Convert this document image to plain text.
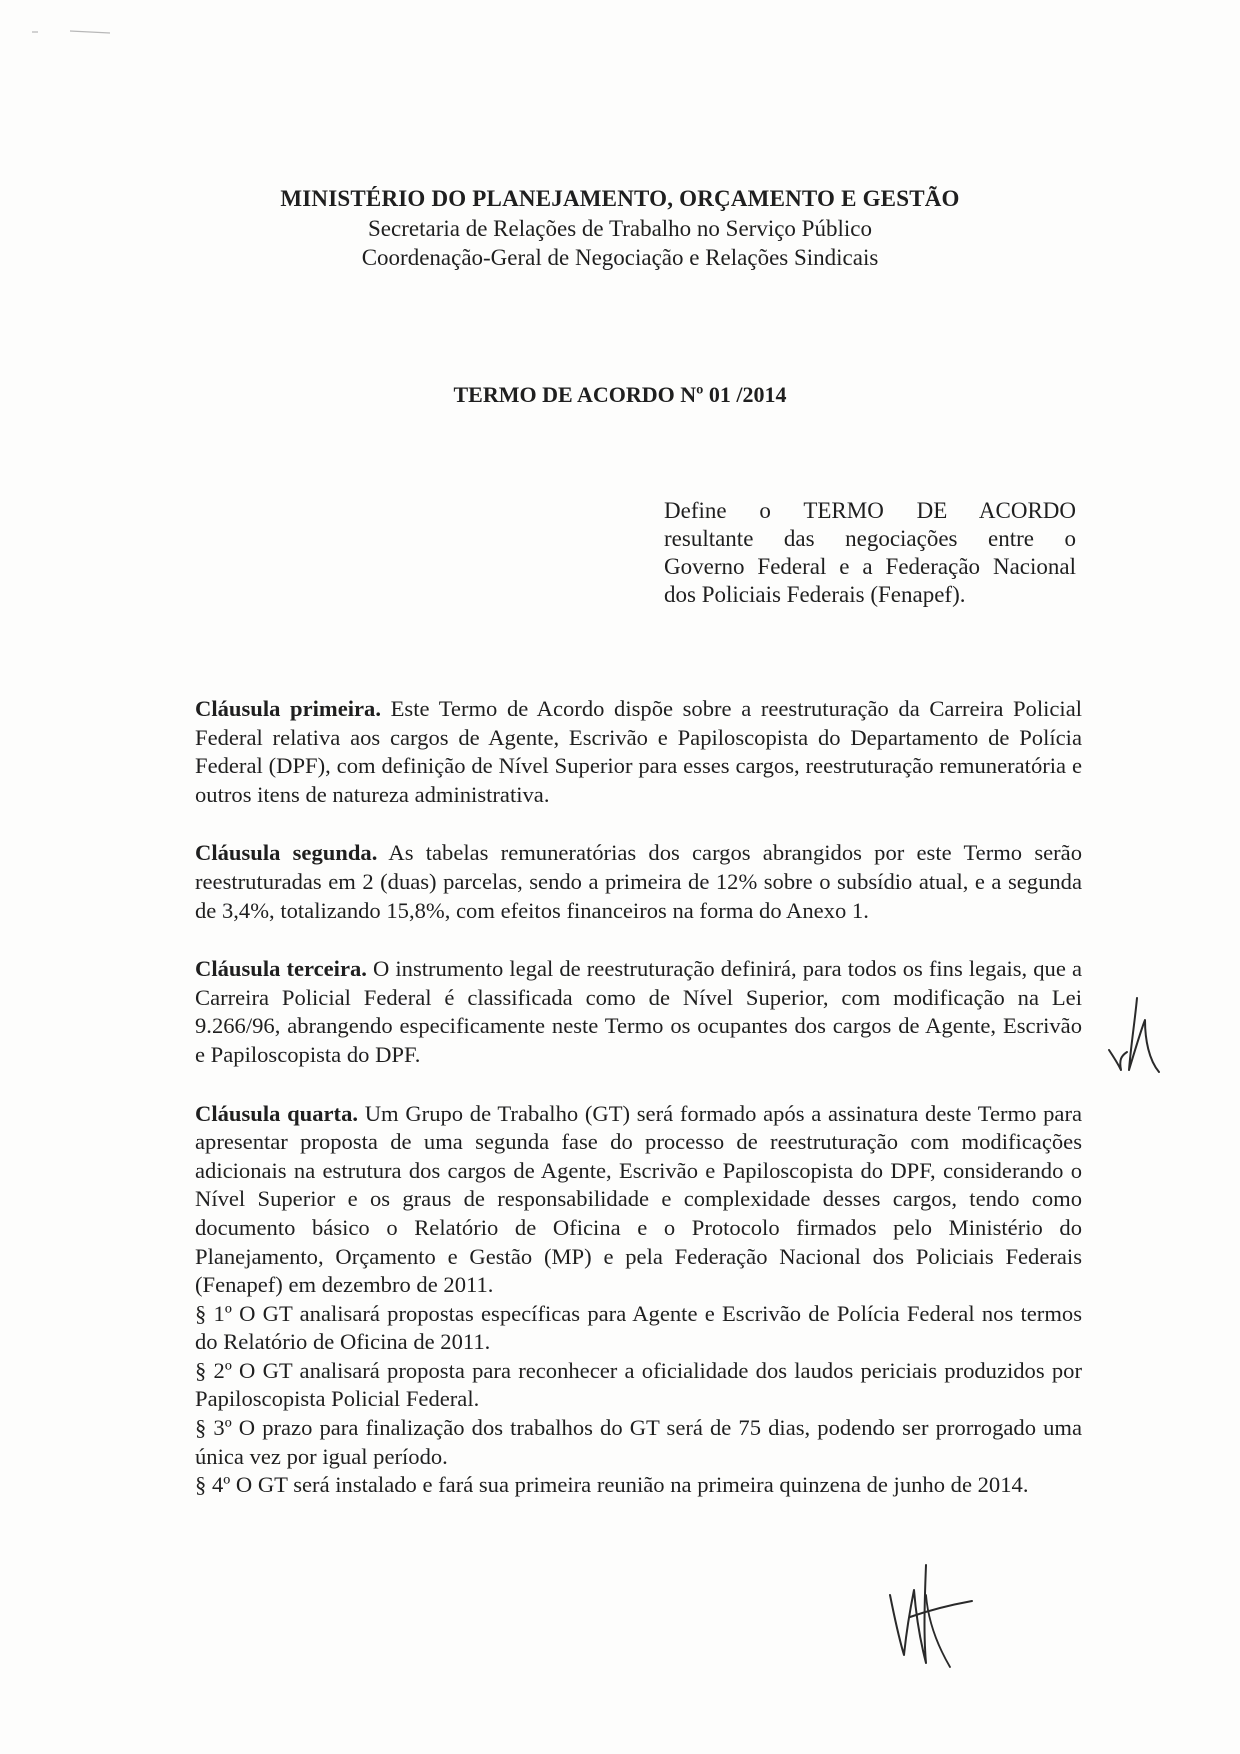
MINISTÉRIO DO PLANEJAMENTO, ORÇAMENTO E GESTÃO

Secretaria de Relações de Trabalho no Serviço Público

Coordenação-Geral de Negociação e Relações Sindicais

TERMO DE ACORDO Nº 01 /2014

Define o TERMO DE ACORDO
resultante das negociações entre o
Governo Federal e a Federação Nacional
dos Policiais Federais (Fenapef).

Cláusula primeira. Este Termo de Acordo dispõe sobre a reestruturação da Carreira Policial Federal relativa aos cargos de Agente, Escrivão e Papiloscopista do Departamento de Polícia Federal (DPF), com definição de Nível Superior para esses cargos, reestruturação remuneratória e outros itens de natureza administrativa.

Cláusula segunda. As tabelas remuneratórias dos cargos abrangidos por este Termo serão reestruturadas em 2 (duas) parcelas, sendo a primeira de 12% sobre o subsídio atual, e a segunda de 3,4%, totalizando 15,8%, com efeitos financeiros na forma do Anexo 1.

Cláusula terceira. O instrumento legal de reestruturação definirá, para todos os fins legais, que a Carreira Policial Federal é classificada como de Nível Superior, com modificação na Lei 9.266/96, abrangendo especificamente neste Termo os ocupantes dos cargos de Agente, Escrivão e Papiloscopista do DPF.

Cláusula quarta. Um Grupo de Trabalho (GT) será formado após a assinatura deste Termo para apresentar proposta de uma segunda fase do processo de reestruturação com modificações adicionais na estrutura dos cargos de Agente, Escrivão e Papiloscopista do DPF, considerando o Nível Superior e os graus de responsabilidade e complexidade desses cargos, tendo como documento básico o Relatório de Oficina e o Protocolo firmados pelo Ministério do Planejamento, Orçamento e Gestão (MP) e pela Federação Nacional dos Policiais Federais (Fenapef) em dezembro de 2011.

§ 1º O GT analisará propostas específicas para Agente e Escrivão de Polícia Federal nos termos do Relatório de Oficina de 2011.

§ 2º O GT analisará proposta para reconhecer a oficialidade dos laudos periciais produzidos por Papiloscopista Policial Federal.

§ 3º O prazo para finalização dos trabalhos do GT será de 75 dias, podendo ser prorrogado uma única vez por igual período.

§ 4º O GT será instalado e fará sua primeira reunião na primeira quinzena de junho de 2014.
